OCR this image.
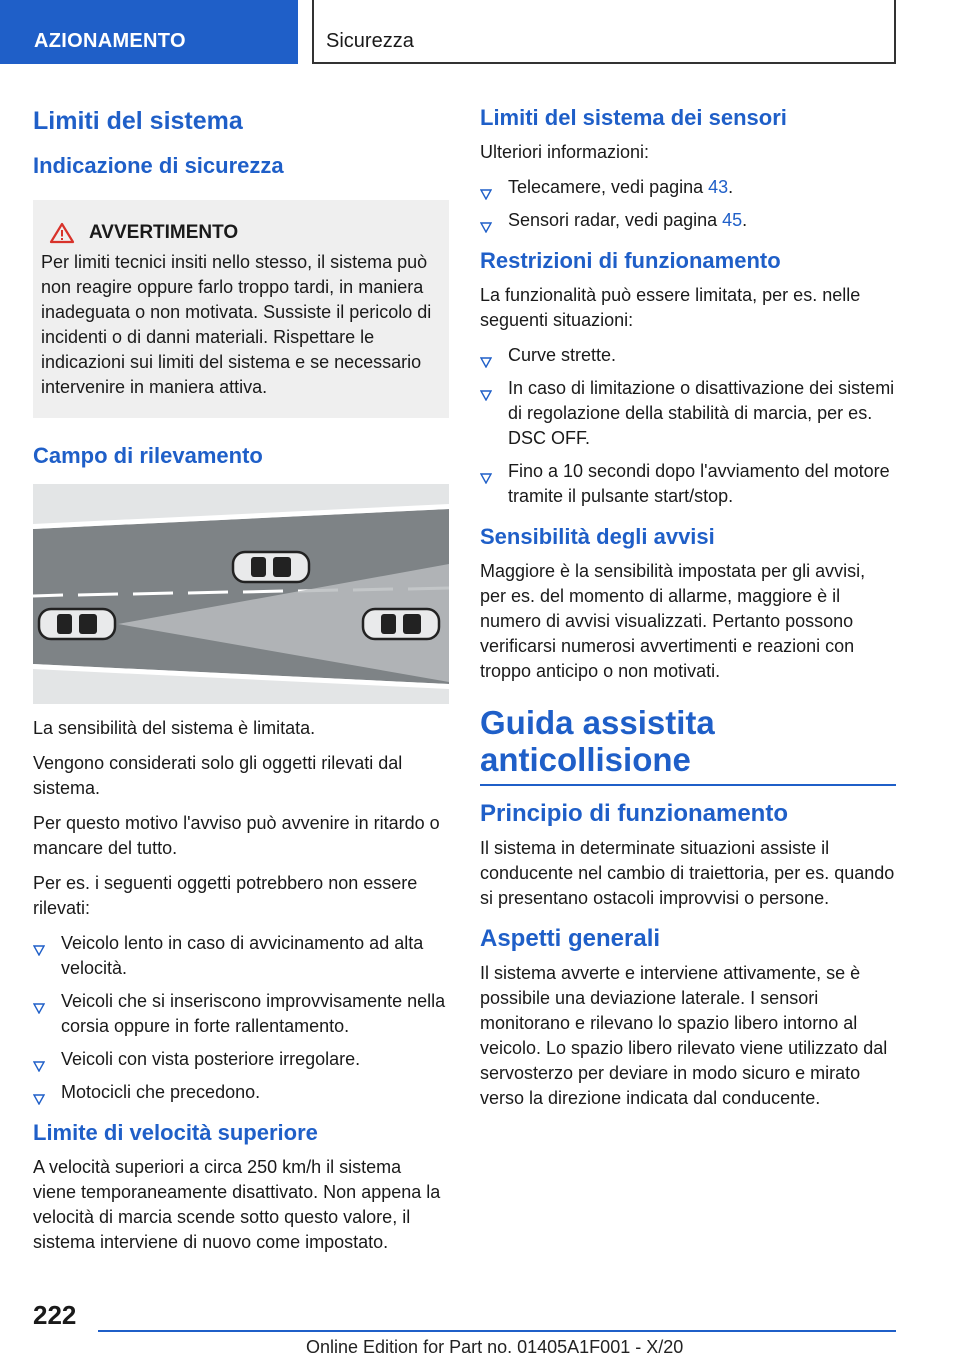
AZIONAMENTO	Sicurezza
Limiti del sistema
Indicazione di sicurezza
AVVERTIMENTO

Per limiti tecnici insiti nello stesso, il sistema può non reagire oppure farlo troppo tardi, in maniera inadeguata o non motivata. Sussiste il pericolo di incidenti o di danni materiali. Rispettare le indicazioni sui limiti del sistema e se necessario intervenire in maniera attiva.

Campo di rilevamento

La sensibilità del sistema è limitata.

Vengono considerati solo gli oggetti rilevati dal sistema.

Per questo motivo l'avviso può avvenire in ritardo o mancare del tutto.

Per es. i seguenti oggetti potrebbero non essere rilevati:

Veicolo lento in caso di avvicinamento ad alta velocità.
Veicoli che si inseriscono improvvisamente nella corsia oppure in forte rallentamento.
Veicoli con vista posteriore irregolare.
Motocicli che precedono.
Limite di velocità superiore

A velocità superiori a circa 250 km/h il sistema viene temporaneamente disattivato. Non appena la velocità di marcia scende sotto questo valore, il sistema interviene di nuovo come impostato.

Limiti del sistema dei sensori

Ulteriori informazioni:

Telecamere, vedi pagina 43.
Sensori radar, vedi pagina 45.
Restrizioni di funzionamento

La funzionalità può essere limitata, per es. nelle seguenti situazioni:

Curve strette.
In caso di limitazione o disattivazione dei sistemi di regolazione della stabilità di marcia, per es. DSC OFF.
Fino a 10 secondi dopo l'avviamento del motore tramite il pulsante start/stop.
Sensibilità degli avvisi

Maggiore è la sensibilità impostata per gli avvisi, per es. del momento di allarme, maggiore è il numero di avvisi visualizzati. Pertanto possono verificarsi numerosi avvertimenti e reazioni con troppo anticipo o non motivati.

Guida assistita anticollisione
Principio di funzionamento

Il sistema in determinate situazioni assiste il conducente nel cambio di traiettoria, per es. quando si presentano ostacoli improvvisi o persone.

Aspetti generali

Il sistema avverte e interviene attivamente, se è possibile una deviazione laterale. I sensori monitorano e rilevano lo spazio libero intorno al veicolo. Lo spazio libero rilevato viene utilizzato dal servosterzo per deviare in modo sicuro e mirato verso la direzione indicata dal conducente.

222
Online Edition for Part no. 01405A1F001 - X/20
